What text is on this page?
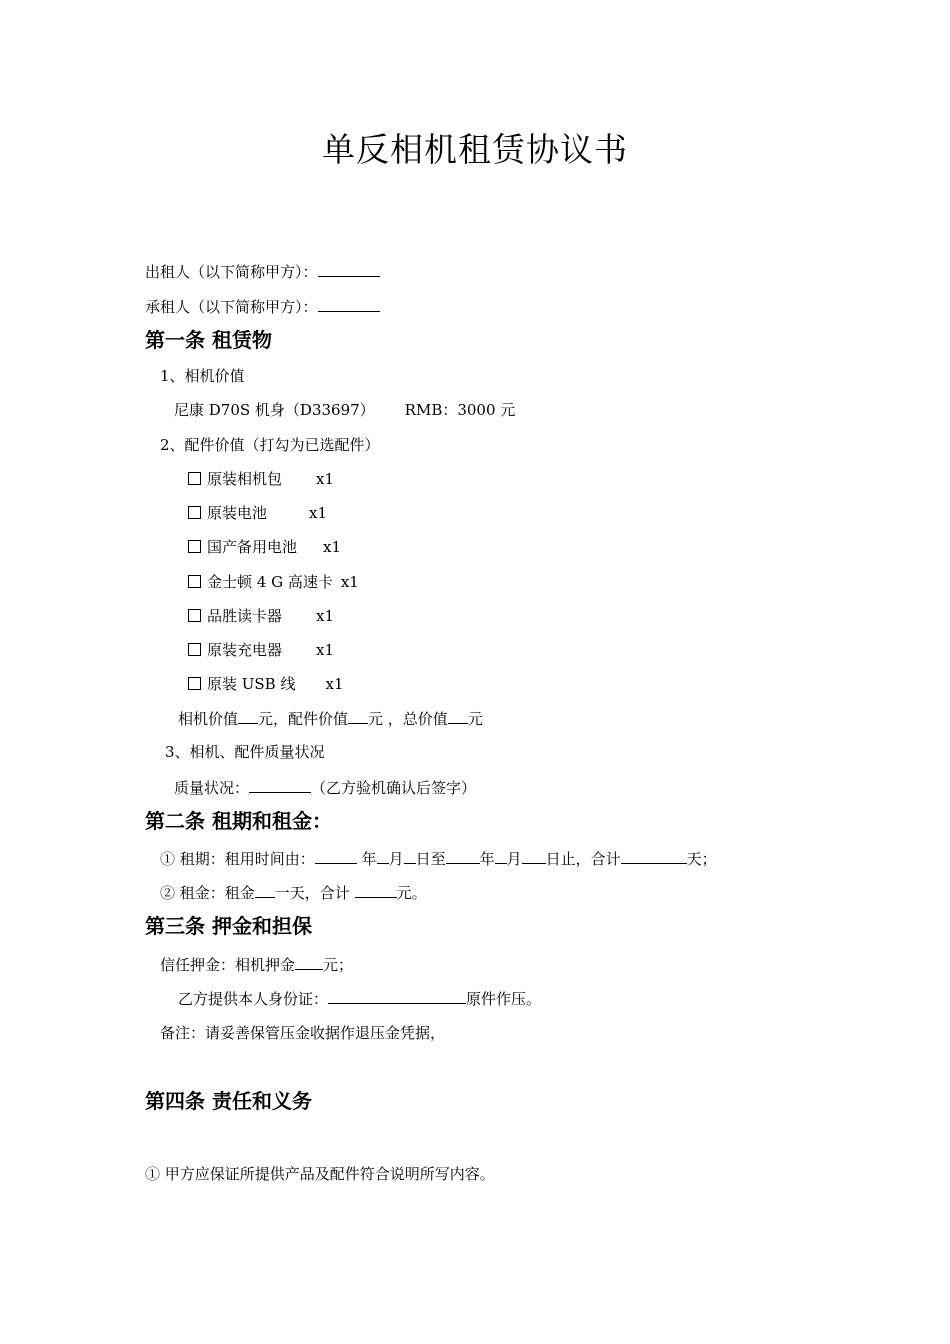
单反相机租赁协议书
出租人（以下简称甲方）：
承租人（以下简称甲方）：
第一条 租赁物
1、相机价值
尼康 D70S 机身（D33697） RMB：3000 元
2、配件价值（打勾为已选配件）
原装相机包 x1
原装电池	x1
国产备用电池 x1
金士顿 4 G 高速卡 x1
品胜读卡器 x1
原装充电器 x1
原装 USB 线 x1
相机价值 元，配件价值 元 ，总价值 元
3、相机、配件质量状况
质量状况：	（乙方验机确认后签字）
第二条 租期和租金：
① 租期：租用时间由：	年 月 日至 年 月 日止，合计	天；
② 租金：租金 一天，合计	元。
第三条 押金和担保
信任押金：相机押金 元；
乙方提供本人身份证：	原件作压。
备注：请妥善保管压金收据作退压金凭据，
第四条 责任和义务
① 甲方应保证所提供产品及配件符合说明所写内容。
